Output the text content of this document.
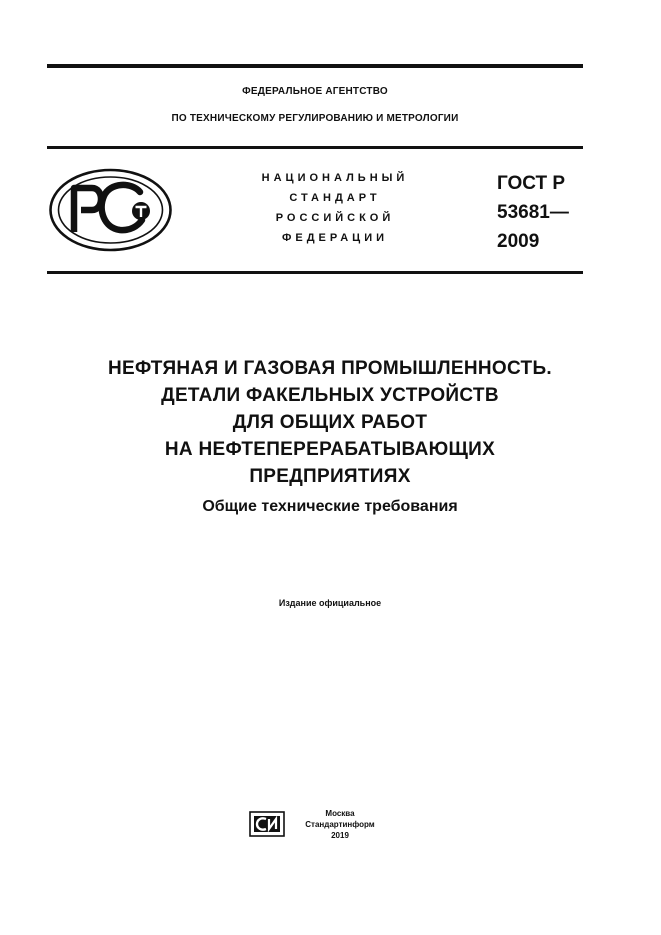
ФЕДЕРАЛЬНОЕ АГЕНТСТВО
ПО ТЕХНИЧЕСКОМУ РЕГУЛИРОВАНИЮ И МЕТРОЛОГИИ
НАЦИОНАЛЬНЫЙ
СТАНДАРТ
РОССИЙСКОЙ
ФЕДЕРАЦИИ
ГОСТ Р
53681—
2009
НЕФТЯНАЯ И ГАЗОВАЯ ПРОМЫШЛЕННОСТЬ.
ДЕТАЛИ ФАКЕЛЬНЫХ УСТРОЙСТВ
ДЛЯ ОБЩИХ РАБОТ
НА НЕФТЕПЕРЕРАБАТЫВАЮЩИХ
ПРЕДПРИЯТИЯХ
Общие технические требования
Издание официальное
Москва
Стандартинформ
2019
